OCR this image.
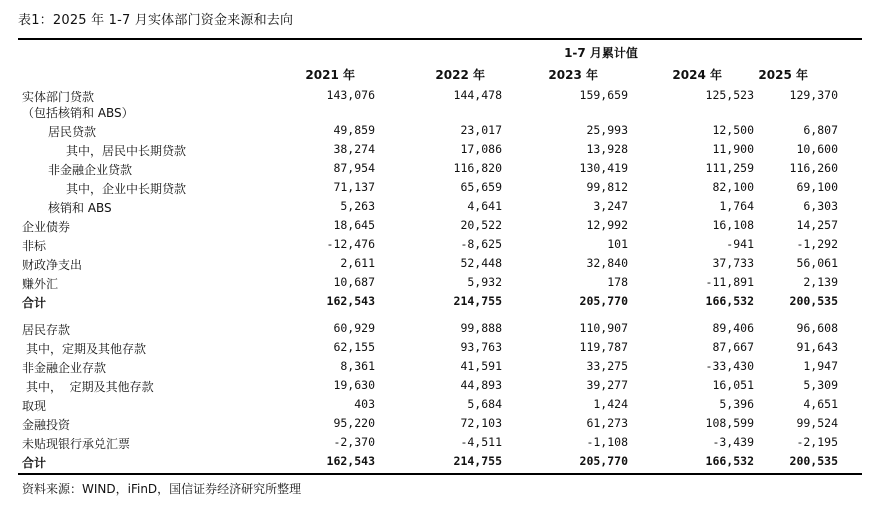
表1：2025 年 1-7 月实体部门资金来源和去向
1-7 月累计值
2021 年	2022 年	2023 年	2024 年	2025 年
实体部门贷款	143,076	144,478	159,659	125,523	129,370
（包括核销和 ABS）
居民贷款	49,859	23,017	25,993	12,500	6,807
其中，居民中长期贷款	38,274	17,086	13,928	11,900	10,600
非金融企业贷款	87,954	116,820	130,419	111,259	116,260
其中，企业中长期贷款	71,137	65,659	99,812	82,100	69,100
核销和 ABS	5,263	4,641	3,247	1,764	6,303
企业债券	18,645	20,522	12,992	16,108	14,257
非标	-12,476	-8,625	101	-941	-1,292
财政净支出	2,611	52,448	32,840	37,733	56,061
赚外汇	10,687	5,932	178	-11,891	2,139
合计	162,543	214,755	205,770	166,532	200,535
居民存款	60,929	99,888	110,907	89,406	96,608
其中，定期及其他存款	62,155	93,763	119,787	87,667	91,643
非金融企业存款	8,361	41,591	33,275	-33,430	1,947
其中，  定期及其他存款	19,630	44,893	39,277	16,051	5,309
取现	403	5,684	1,424	5,396	4,651
金融投资	95,220	72,103	61,273	108,599	99,524
未贴现银行承兑汇票	-2,370	-4,511	-1,108	-3,439	-2,195
合计	162,543	214,755	205,770	166,532	200,535
资料来源：WIND，iFinD，国信证券经济研究所整理
